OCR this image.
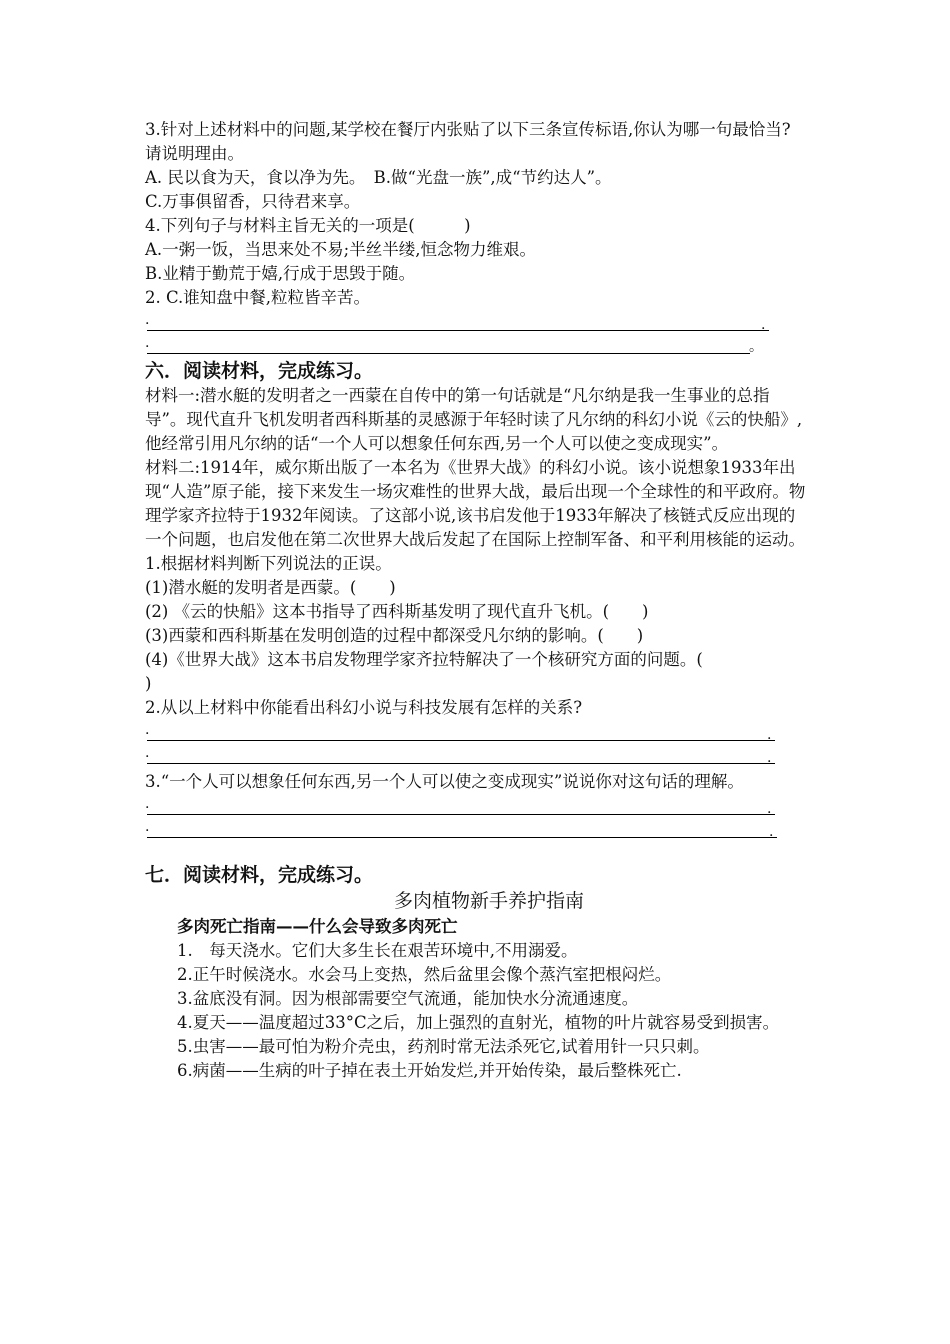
3.针对上述材料中的问题,某学校在餐厅内张贴了以下三条宣传标语,你认为哪一句最恰当?请说明理由。
A. 民以食为天，食以净为先。　B.做“光盘一族”,成“节约达人”。
C.万事俱留香，只待君来享。
4.下列句子与材料主旨无关的一项是(　　　)
A.一粥一饭，当思来处不易;半丝半缕,恒念物力维艰。
B.业精于勤荒于嬉,行成于思毁于随。
2. C.谁知盘中餐,粒粒皆辛苦。
.	.
.	。
六．阅读材料，完成练习。
材料一:潜水艇的发明者之一西蒙在自传中的第一句话就是“凡尔纳是我一生事业的总指导”。现代直升飞机发明者西科斯基的灵感源于年轻时读了凡尔纳的科幻小说《云的快船》,他经常引用凡尔纳的话“一个人可以想象任何东西,另一个人可以使之变成现实”。
材料二:1914年，威尔斯出版了一本名为《世界大战》的科幻小说。该小说想象1933年出现“人造”原子能，接下来发生一场灾难性的世界大战，最后出现一个全球性的和平政府。物理学家齐拉特于1932年阅读。了这部小说,该书启发他于1933年解决了核链式反应出现的一个问题，也启发他在第二次世界大战后发起了在国际上控制军备、和平利用核能的运动。
1.根据材料判断下列说法的正误。
(1)潜水艇的发明者是西蒙。(　　)
(2) 《云的快船》这本书指导了西科斯基发明了现代直升飞机。(　　)
(3)西蒙和西科斯基在发明创造的过程中都深受凡尔纳的影响。(　　)
(4)《世界大战》这本书启发物理学家齐拉特解决了一个核研究方面的问题。(
)
2.从以上材料中你能看出科幻小说与科技发展有怎样的关系?
.	.
.	.
3.“一个人可以想象任何东西,另一个人可以使之变成现实”说说你对这句话的理解。
.	.
.	.
七．阅读材料，完成练习。
多肉植物新手养护指南
多肉死亡指南——什么会导致多肉死亡
1.　每天浇水。它们大多生长在艰苦环境中,不用溺爱。
2.正午时候浇水。水会马上变热，然后盆里会像个蒸汽室把根闷烂。
3.盆底没有洞。因为根部需要空气流通，能加快水分流通速度。
4.夏天——温度超过33°C之后，加上强烈的直射光，植物的叶片就容易受到损害。
5.虫害——最可怕为粉介壳虫，药剂时常无法杀死它,试着用针一只只刺。
6.病菌——生病的叶子掉在表土开始发烂,并开始传染，最后整株死亡.
